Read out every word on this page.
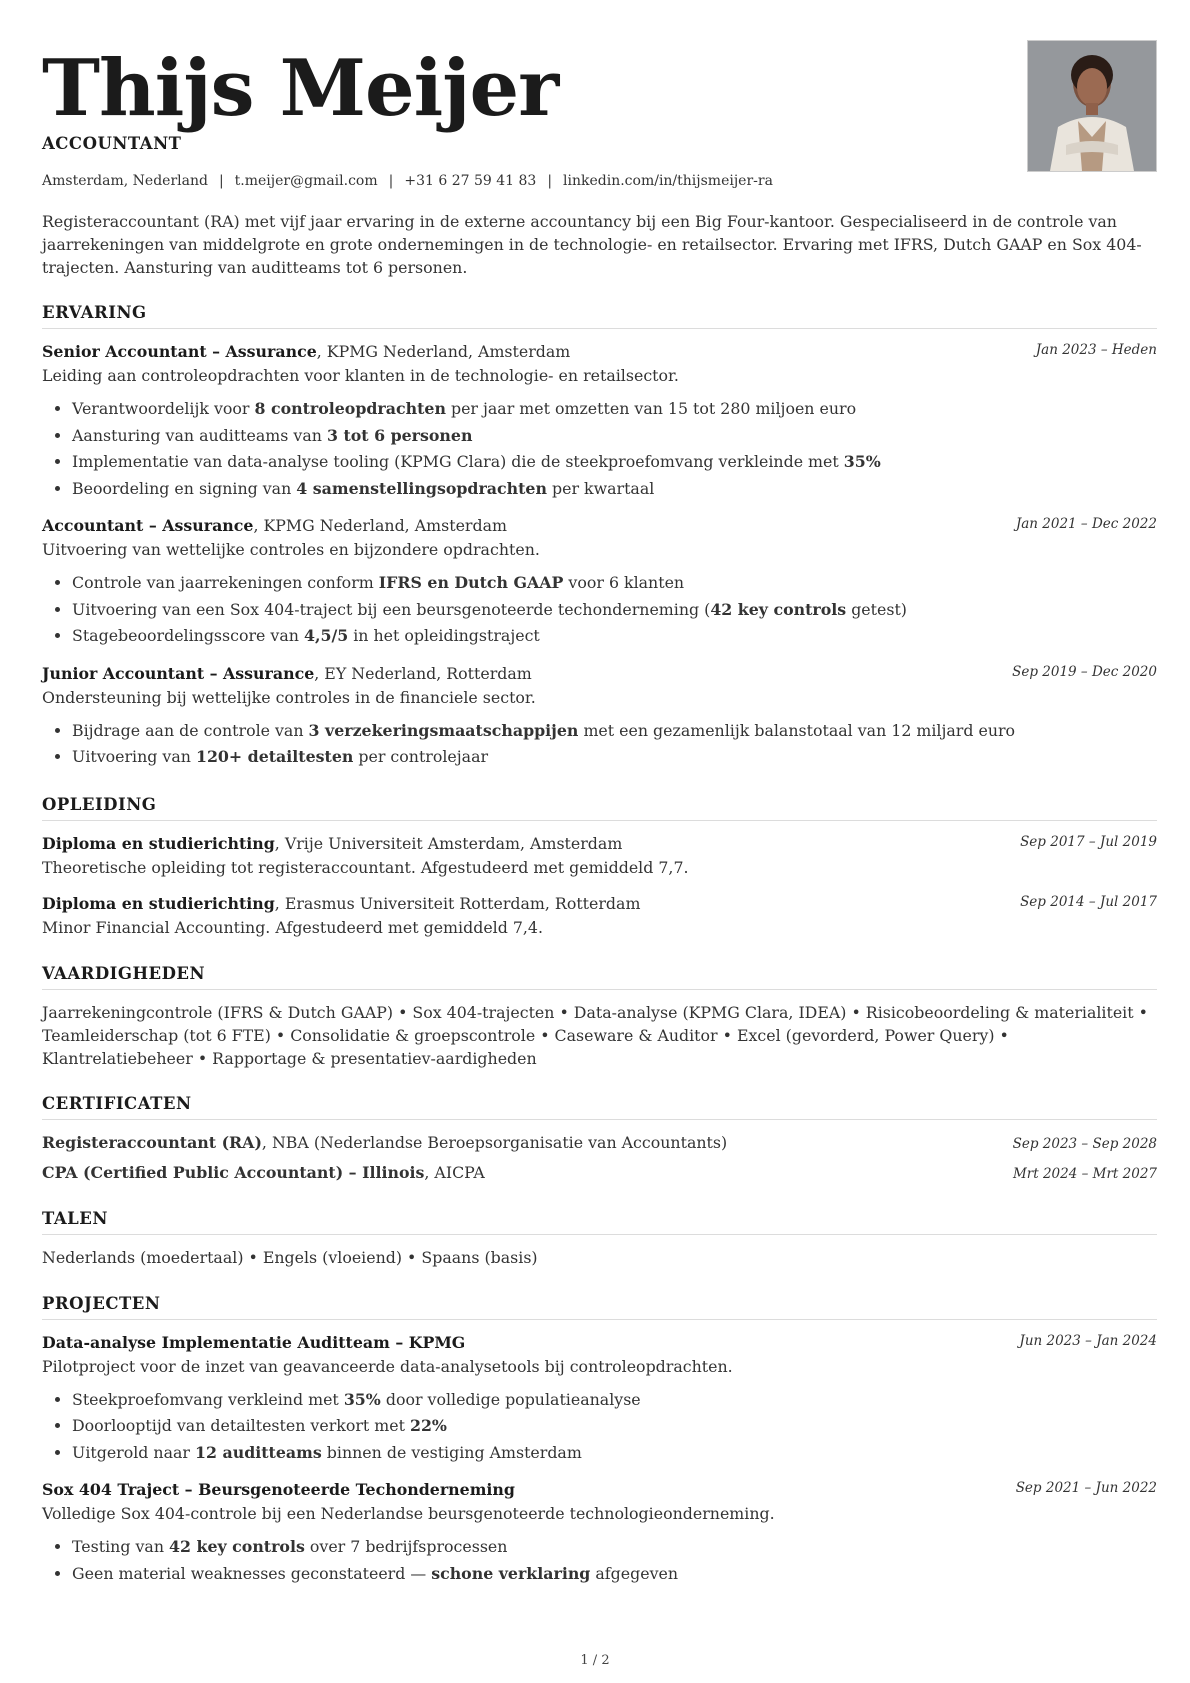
Thijs Meijer
ACCOUNTANT
Amsterdam, Nederland | t.meijer@gmail.com | +31 6 27 59 41 83 | linkedin.com/in/thijsmeijer-ra
Registeraccountant (RA) met vijf jaar ervaring in de externe accountancy bij een Big Four-kantoor. Gespecialiseerd in de controle van jaarrekeningen van middelgrote en grote ondernemingen in de technologie- en retailsector. Ervaring met IFRS, Dutch GAAP en Sox 404-trajecten. Aansturing van auditteams tot 6 personen.
ERVARING
Senior Accountant – Assurance, KPMG Nederland, Amsterdam	Jan 2023 – Heden
Leiding aan controleopdrachten voor klanten in de technologie- en retailsector.
• Verantwoordelijk voor 8 controleopdrachten per jaar met omzetten van 15 tot 280 miljoen euro
• Aansturing van auditteams van 3 tot 6 personen
• Implementatie van data-analyse tooling (KPMG Clara) die de steekproefomvang verkleinde met 35%
• Beoordeling en signing van 4 samenstellingsopdrachten per kwartaal
Accountant – Assurance, KPMG Nederland, Amsterdam	Jan 2021 – Dec 2022
Uitvoering van wettelijke controles en bijzondere opdrachten.
• Controle van jaarrekeningen conform IFRS en Dutch GAAP voor 6 klanten
• Uitvoering van een Sox 404-traject bij een beursgenoteerde techonderneming (42 key controls getest)
• Stagebeoordelingsscore van 4,5/5 in het opleidingstraject
Junior Accountant – Assurance, EY Nederland, Rotterdam	Sep 2019 – Dec 2020
Ondersteuning bij wettelijke controles in de financiele sector.
• Bijdrage aan de controle van 3 verzekeringsmaatschappijen met een gezamenlijk balanstotaal van 12 miljard euro
• Uitvoering van 120+ detailtesten per controlejaar
OPLEIDING
Diploma en studierichting, Vrije Universiteit Amsterdam, Amsterdam	Sep 2017 – Jul 2019
Theoretische opleiding tot registeraccountant. Afgestudeerd met gemiddeld 7,7.
Diploma en studierichting, Erasmus Universiteit Rotterdam, Rotterdam	Sep 2014 – Jul 2017
Minor Financial Accounting. Afgestudeerd met gemiddeld 7,4.
VAARDIGHEDEN
Jaarrekeningcontrole (IFRS & Dutch GAAP) • Sox 404-trajecten • Data-analyse (KPMG Clara, IDEA) • Risicobeoordeling & materialiteit • Teamleiderschap (tot 6 FTE) • Consolidatie & groepscontrole • Caseware & Auditor • Excel (gevorderd, Power Query) • Klantrelatiebeheer • Rapportage & presentatiev-aardigheden
CERTIFICATEN
Registeraccountant (RA), NBA (Nederlandse Beroepsorganisatie van Accountants)	Sep 2023 – Sep 2028
CPA (Certified Public Accountant) – Illinois, AICPA	Mrt 2024 – Mrt 2027
TALEN
Nederlands (moedertaal) • Engels (vloeiend) • Spaans (basis)
PROJECTEN
Data-analyse Implementatie Auditteam – KPMG	Jun 2023 – Jan 2024
Pilotproject voor de inzet van geavanceerde data-analysetools bij controleopdrachten.
• Steekproefomvang verkleind met 35% door volledige populatieanalyse
• Doorlooptijd van detailtesten verkort met 22%
• Uitgerold naar 12 auditteams binnen de vestiging Amsterdam
Sox 404 Traject – Beursgenoteerde Techonderneming	Sep 2021 – Jun 2022
Volledige Sox 404-controle bij een Nederlandse beursgenoteerde technologieonderneming.
• Testing van 42 key controls over 7 bedrijfsprocessen
• Geen material weaknesses geconstateerd — schone verklaring afgegeven
1 / 2
